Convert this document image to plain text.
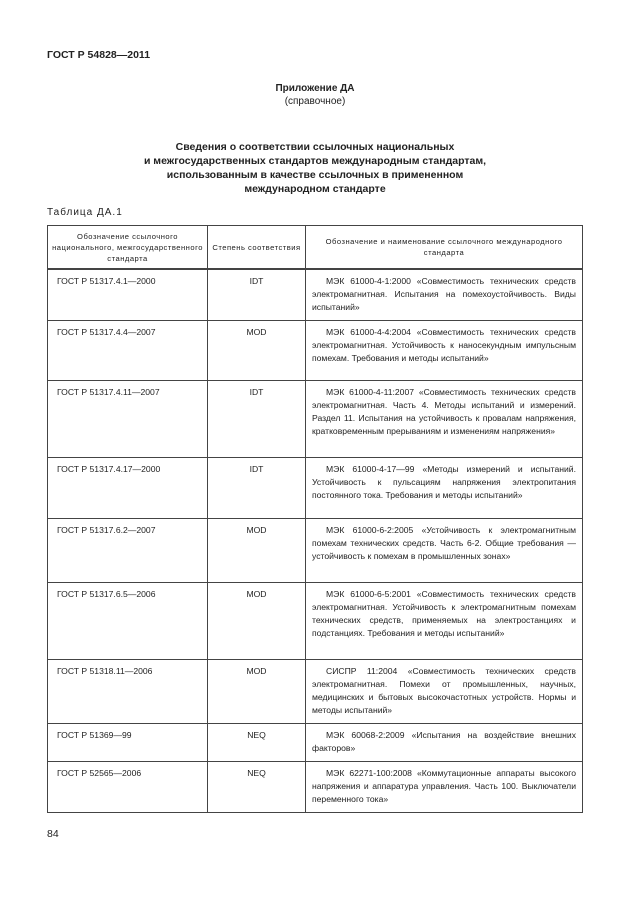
ГОСТ Р 54828—2011
Приложение ДА
(справочное)
Сведения о соответствии ссылочных национальных
и межгосударственных стандартов международным стандартам,
использованным в качестве ссылочных в примененном
международном стандарте
Таблица ДА.1
Обозначение ссылочного национального, межгосударственного стандарта	Степень соответствия	Обозначение и наименование ссылочного международного стандарта
ГОСТ Р 51317.4.1—2000	IDT	МЭК 61000-4-1:2000 «Совместимость технических средств электромагнитная. Испытания на помехоустойчивость. Виды испытаний»
ГОСТ Р 51317.4.4—2007	MOD	МЭК 61000-4-4:2004 «Совместимость технических средств электромагнитная. Устойчивость к наносекундным импульсным помехам. Требования и методы испытаний»
ГОСТ Р 51317.4.11—2007	IDT	МЭК 61000-4-11:2007 «Совместимость технических средств электромагнитная. Часть 4. Методы испытаний и измерений. Раздел 11. Испытания на устойчивость к провалам напряжения, кратковременным прерываниям и изменениям напряжения»
ГОСТ Р 51317.4.17—2000	IDT	МЭК 61000-4-17—99 «Методы измерений и испытаний. Устойчивость к пульсациям напряжения электропитания постоянного тока. Требования и методы испытаний»
ГОСТ Р 51317.6.2—2007	MOD	МЭК 61000-6-2:2005 «Устойчивость к электромагнитным помехам технических средств. Часть 6-2. Общие требования — устойчивость к помехам в промышленных зонах»
ГОСТ Р 51317.6.5—2006	MOD	МЭК 61000-6-5:2001 «Совместимость технических средств электромагнитная. Устойчивость к электромагнитным помехам технических средств, применяемых на электростанциях и подстанциях. Требования и методы испытаний»
ГОСТ Р 51318.11—2006	MOD	СИСПР 11:2004 «Совместимость технических средств электромагнитная. Помехи от промышленных, научных, медицинских и бытовых высокочастотных устройств. Нормы и методы испытаний»
ГОСТ Р 51369—99	NEQ	МЭК 60068-2:2009 «Испытания на воздействие внешних факторов»
ГОСТ Р 52565—2006	NEQ	МЭК 62271-100:2008 «Коммутационные аппараты высокого напряжения и аппаратура управления. Часть 100. Выключатели переменного тока»
84
